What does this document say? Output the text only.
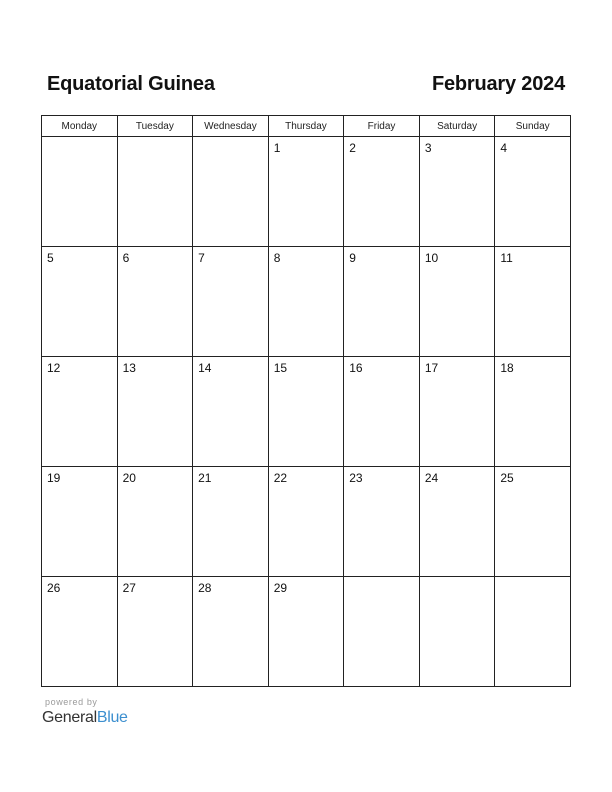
Equatorial Guinea	February 2024
Monday	Tuesday	Wednesday	Thursday	Friday	Saturday	Sunday

			1	2	3	4

5	6	7	8	9	10	11

12	13	14	15	16	17	18

19	20	21	22	23	24	25

26	27	28	29			

powered by
GeneralBlue
